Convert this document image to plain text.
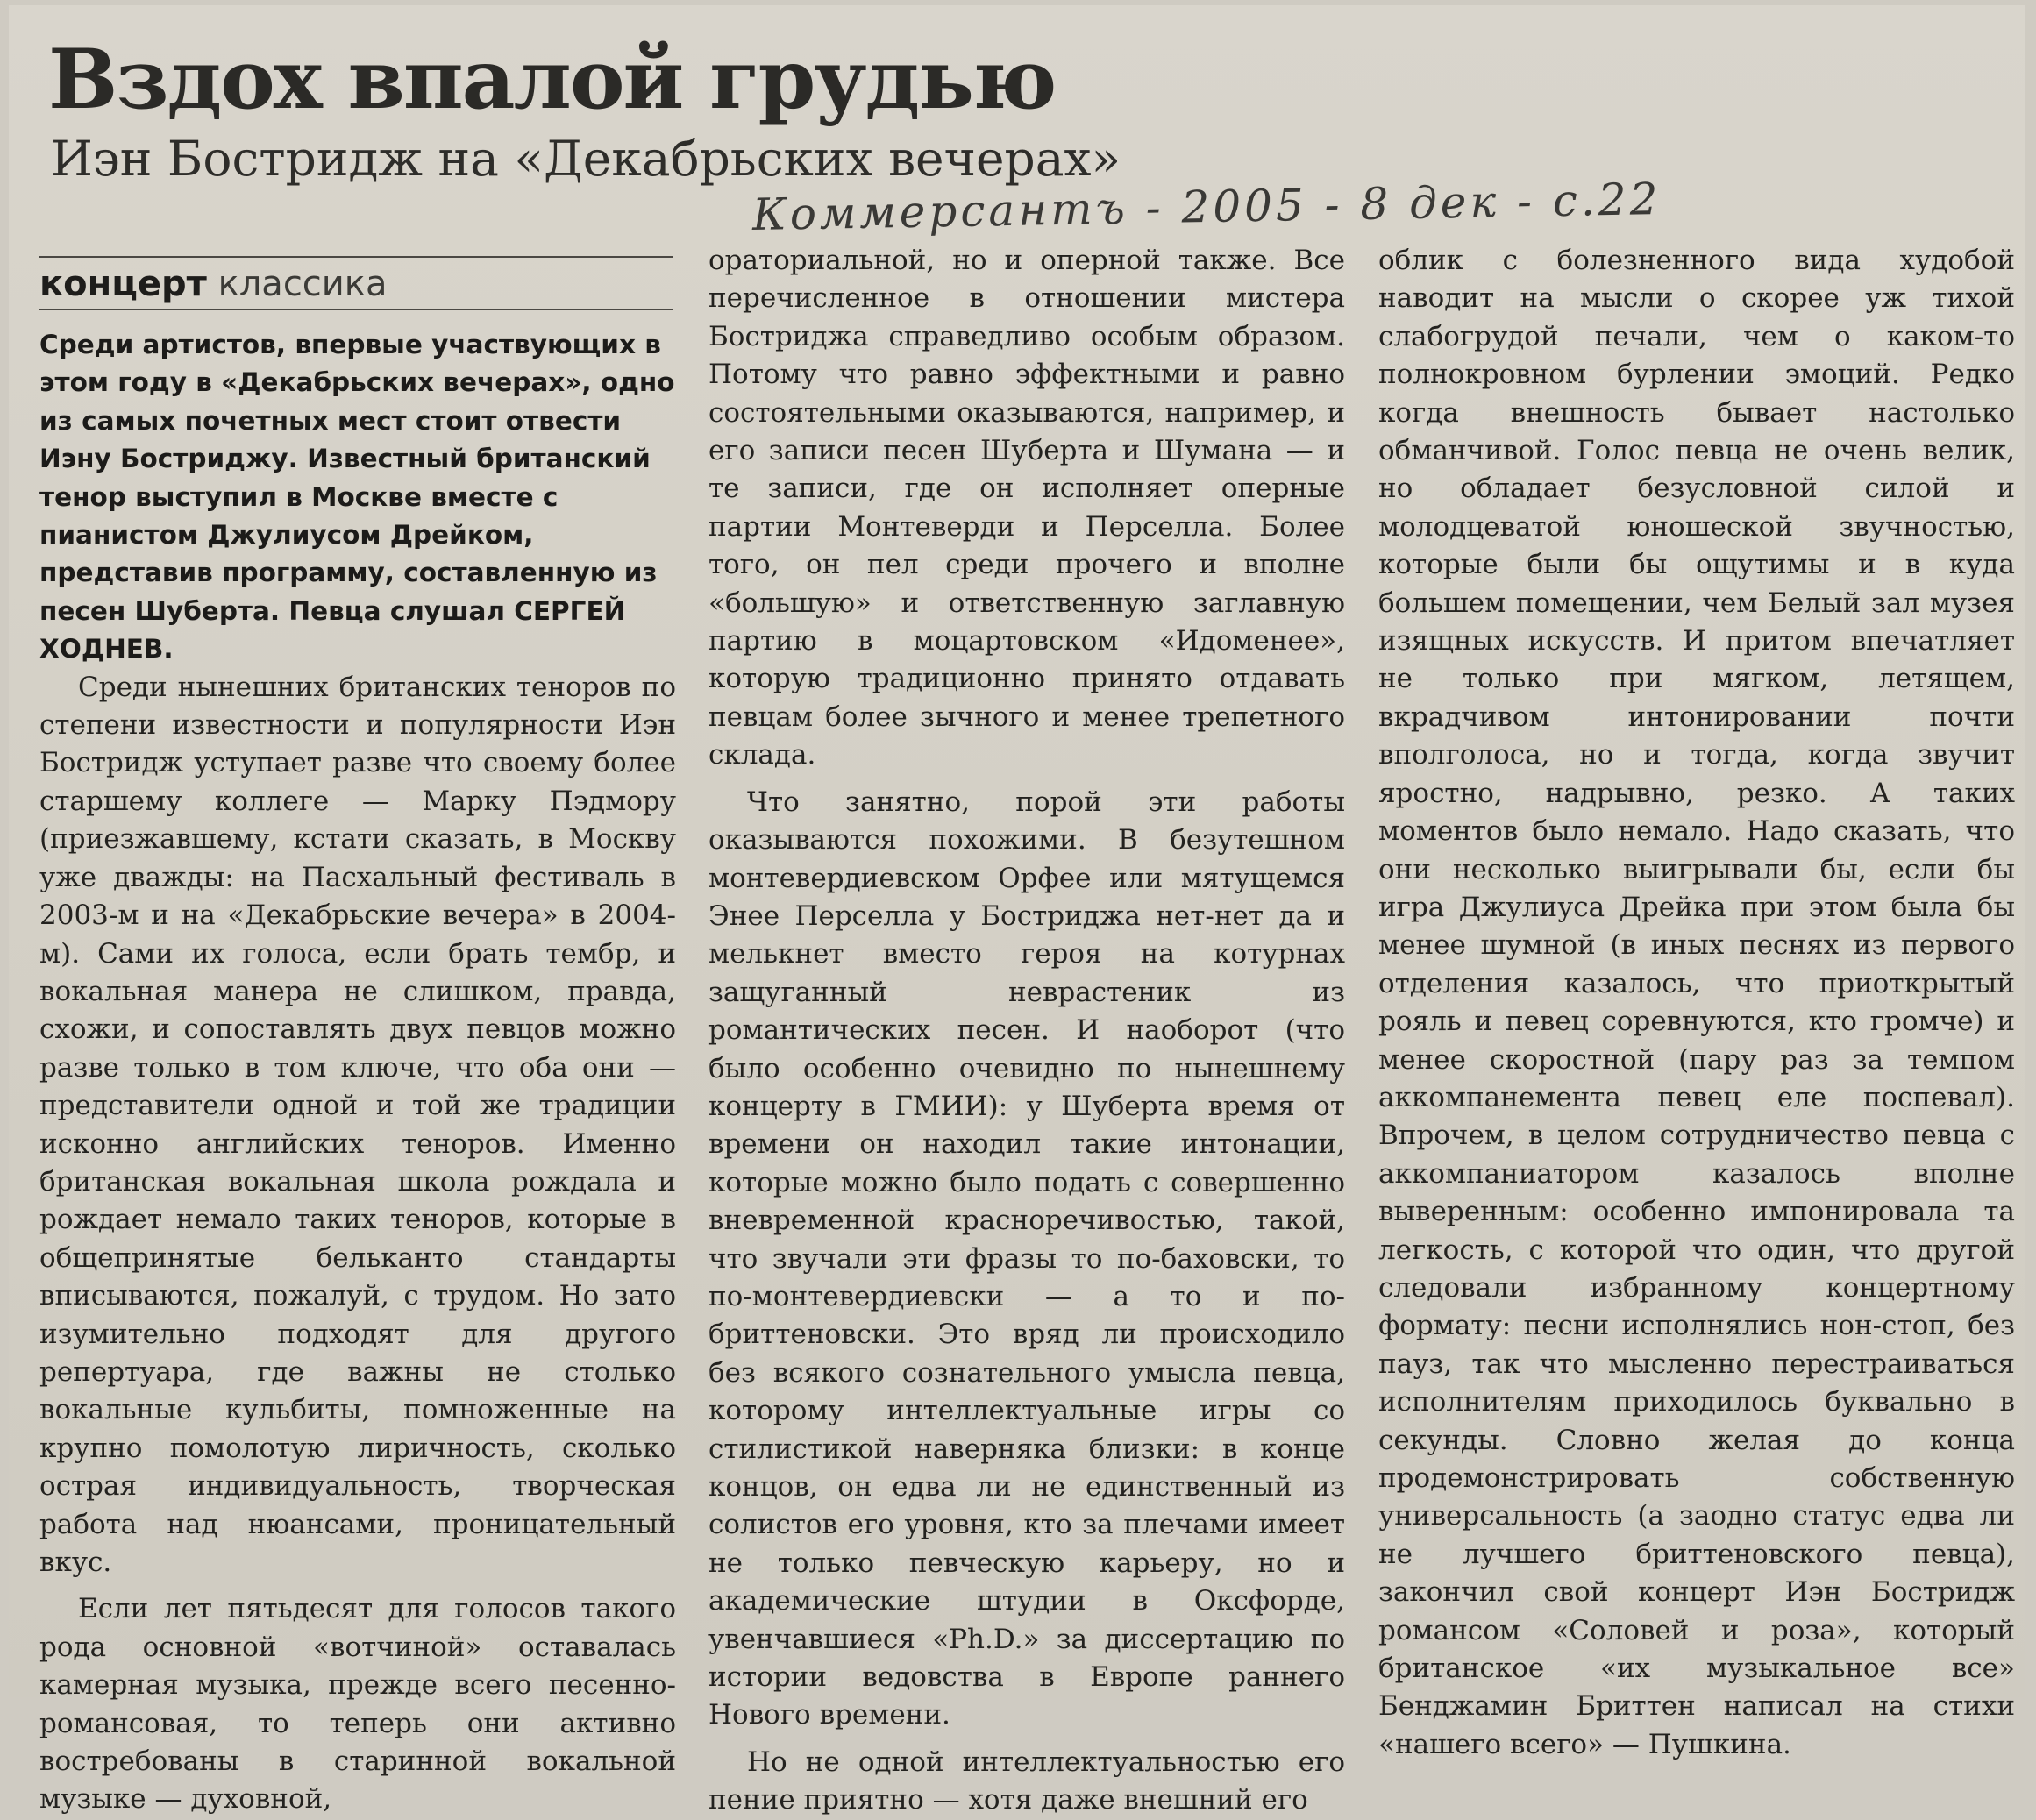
Вздох впалой грудью
Иэн Бостридж на «Декабрьских вечерах»
Коммерсантъ - 2005 - 8 дек - с.22
концерт классика

Среди артистов, впервые участвующих в этом году в «Декабрьских вечерах», одно из самых почетных мест стоит отвести Иэну Бостриджу. Известный британский тенор выступил в Москве вместе с пианистом Джулиусом Дрейком, представив программу, составленную из песен Шуберта. Певца слушал СЕРГЕЙ ХОДНЕВ.

Среди нынешних британских теноров по степени известности и популярности Иэн Бостридж уступает разве что своему более старшему коллеге — Марку Пэдмору (приезжавшему, кстати сказать, в Москву уже дважды: на Пасхальный фестиваль в 2003-м и на «Декабрьские вечера» в 2004-м). Сами их голоса, если брать тембр, и вокальная манера не слишком, правда, схожи, и сопоставлять двух певцов можно разве только в том ключе, что оба они — представители одной и той же традиции исконно английских теноров. Именно британская вокальная школа рождала и рождает немало таких теноров, которые в общепринятые бельканто стандарты вписываются, пожалуй, с трудом. Но зато изумительно подходят для другого репертуара, где важны не столько вокальные кульбиты, помноженные на крупно помолотую лиричность, сколько острая индивидуальность, творческая работа над нюансами, проницательный вкус.

Если лет пятьдесят для голосов такого рода основной «вотчиной» оставалась камерная музыка, прежде всего песенно-романсовая, то теперь они активно востребованы в старинной вокальной музыке — духовной,

ораториальной, но и оперной также. Все перечисленное в отношении мистера Бостриджа справедливо особым образом. Потому что равно эффектными и равно состоятельными оказываются, например, и его записи песен Шуберта и Шумана — и те записи, где он исполняет оперные партии Монтеверди и Перселла. Более того, он пел среди прочего и вполне «большую» и ответственную заглавную партию в моцартовском «Идоменее», которую традиционно принято отдавать певцам более зычного и менее трепетного склада.

Что занятно, порой эти работы оказываются похожими. В безутешном монтевердиевском Орфее или мятущемся Энее Перселла у Бостриджа нет-нет да и мелькнет вместо героя на котурнах защуганный неврастеник из романтических песен. И наоборот (что было особенно очевидно по нынешнему концерту в ГМИИ): у Шуберта время от времени он находил такие интонации, которые можно было подать с совершенно вневременной красноречивостью, такой, что звучали эти фразы то по-баховски, то по-монтевердиевски — а то и по-бриттеновски. Это вряд ли происходило без всякого сознательного умысла певца, которому интеллектуальные игры со стилистикой наверняка близки: в конце концов, он едва ли не единственный из солистов его уровня, кто за плечами имеет не только певческую карьеру, но и академические штудии в Оксфорде, увенчавшиеся «Ph.D.» за диссертацию по истории ведовства в Европе раннего Нового времени.

Но не одной интеллектуальностью его пение приятно — хотя даже внешний его

облик с болезненного вида худобой наводит на мысли о скорее уж тихой слабогрудой печали, чем о каком-то полнокровном бурлении эмоций. Редко когда внешность бывает настолько обманчивой. Голос певца не очень велик, но обладает безусловной силой и молодцеватой юношеской звучностью, которые были бы ощутимы и в куда большем помещении, чем Белый зал музея изящных искусств. И притом впечатляет не только при мягком, летящем, вкрадчивом интонировании почти вполголоса, но и тогда, когда звучит яростно, надрывно, резко. А таких моментов было немало. Надо сказать, что они несколько выигрывали бы, если бы игра Джулиуса Дрейка при этом была бы менее шумной (в иных песнях из первого отделения казалось, что приоткрытый рояль и певец соревнуются, кто громче) и менее скоростной (пару раз за темпом аккомпанемента певец еле поспевал). Впрочем, в целом сотрудничество певца с аккомпаниатором казалось вполне выверенным: особенно импонировала та легкость, с которой что один, что другой следовали избранному концертному формату: песни исполнялись нон-стоп, без пауз, так что мысленно перестраиваться исполнителям приходилось буквально в секунды. Словно желая до конца продемонстрировать собственную универсальность (а заодно статус едва ли не лучшего бриттеновского певца), закончил свой концерт Иэн Бостридж романсом «Соловей и роза», который британское «их музыкальное все» Бенджамин Бриттен написал на стихи «нашего всего» — Пушкина.
